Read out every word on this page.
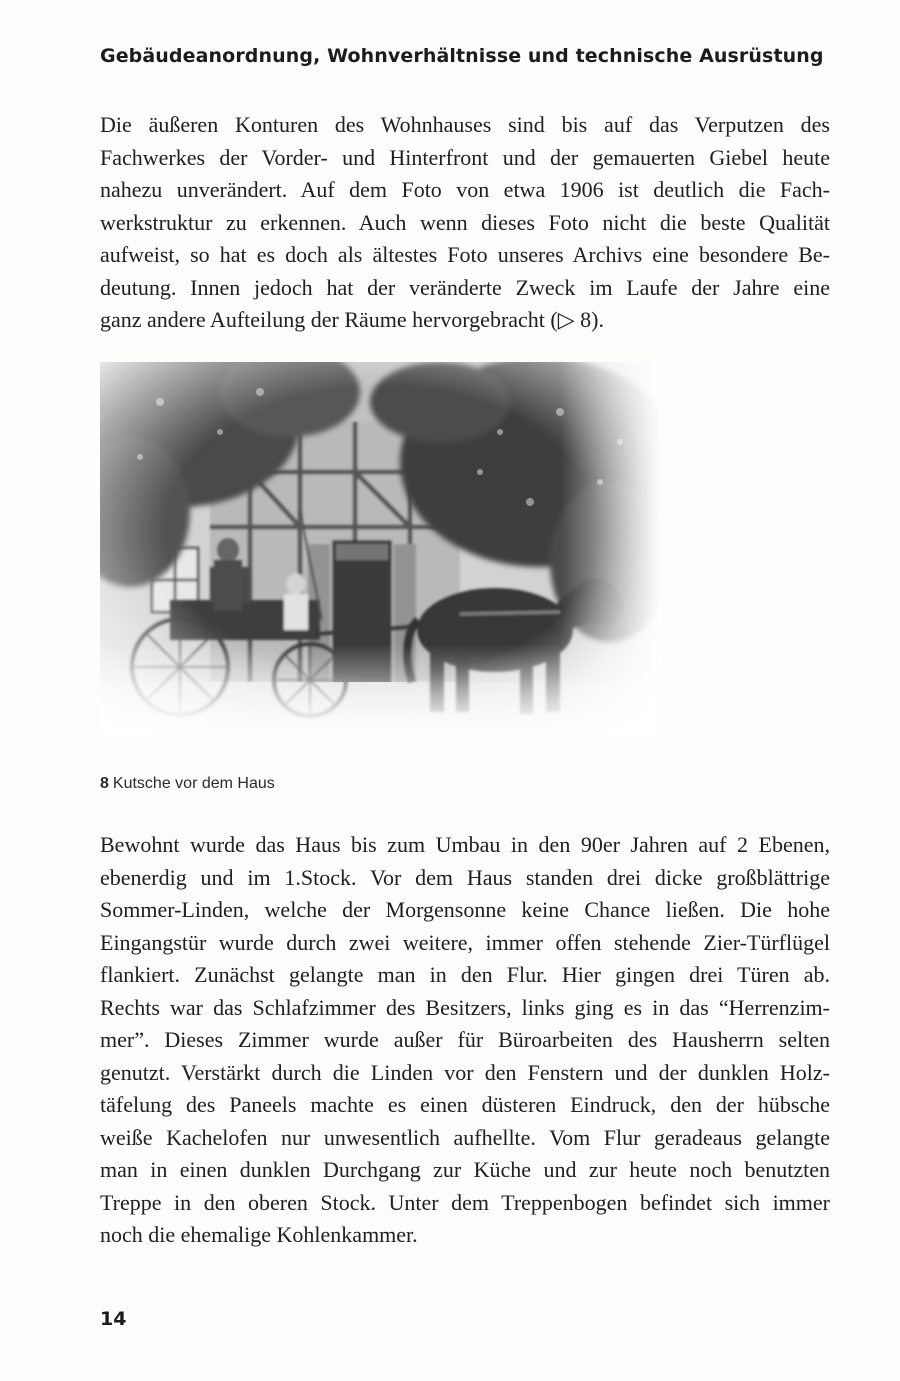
Gebäudeanordnung, Wohnverhältnisse und technische Ausrüstung
Die äußeren Konturen des Wohnhauses sind bis auf das Verputzen des
Fachwerkes der Vorder- und Hinterfront und der gemauerten Giebel heute
nahezu unverändert. Auf dem Foto von etwa 1906 ist deutlich die Fach-
werkstruktur zu erkennen. Auch wenn dieses Foto nicht die beste Qualität
aufweist, so hat es doch als ältestes Foto unseres Archivs eine besondere Be-
deutung. Innen jedoch hat der veränderte Zweck im Laufe der Jahre eine
ganz andere Aufteilung der Räume hervorgebracht (▷ 8).
8 Kutsche vor dem Haus
Bewohnt wurde das Haus bis zum Umbau in den 90er Jahren auf 2 Ebenen,
ebenerdig und im 1.Stock. Vor dem Haus standen drei dicke großblättrige
Sommer-Linden, welche der Morgensonne keine Chance ließen. Die hohe
Eingangstür wurde durch zwei weitere, immer offen stehende Zier-Türflügel
flankiert. Zunächst gelangte man in den Flur. Hier gingen drei Türen ab.
Rechts war das Schlafzimmer des Besitzers, links ging es in das “Herrenzim-
mer”. Dieses Zimmer wurde außer für Büroarbeiten des Hausherrn selten
genutzt. Verstärkt durch die Linden vor den Fenstern und der dunklen Holz-
täfelung des Paneels machte es einen düsteren Eindruck, den der hübsche
weiße Kachelofen nur unwesentlich aufhellte. Vom Flur geradeaus gelangte
man in einen dunklen Durchgang zur Küche und zur heute noch benutzten
Treppe in den oberen Stock. Unter dem Treppenbogen befindet sich immer
noch die ehemalige Kohlenkammer.
14
